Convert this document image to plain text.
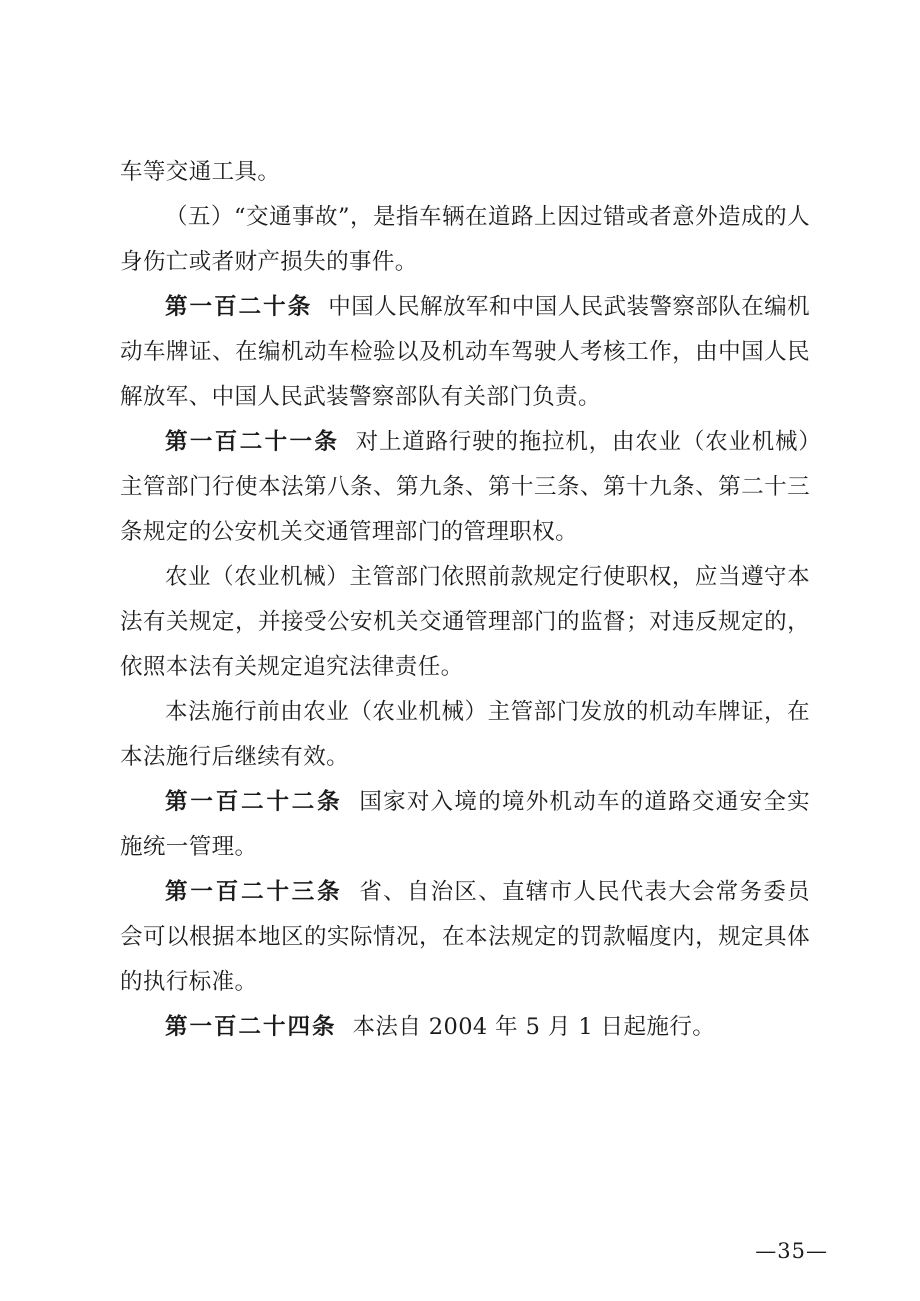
车等交通工具。

（五）“交通事故”，是指车辆在道路上因过错或者意外造成的人身伤亡或者财产损失的事件。

第一百二十条 中国人民解放军和中国人民武装警察部队在编机动车牌证、在编机动车检验以及机动车驾驶人考核工作，由中国人民解放军、中国人民武装警察部队有关部门负责。

第一百二十一条 对上道路行驶的拖拉机，由农业（农业机械）主管部门行使本法第八条、第九条、第十三条、第十九条、第二十三条规定的公安机关交通管理部门的管理职权。

农业（农业机械）主管部门依照前款规定行使职权，应当遵守本法有关规定，并接受公安机关交通管理部门的监督；对违反规定的，依照本法有关规定追究法律责任。

本法施行前由农业（农业机械）主管部门发放的机动车牌证，在本法施行后继续有效。

第一百二十二条 国家对入境的境外机动车的道路交通安全实施统一管理。

第一百二十三条 省、自治区、直辖市人民代表大会常务委员会可以根据本地区的实际情况，在本法规定的罚款幅度内，规定具体的执行标准。

第一百二十四条 本法自 2004 年 5 月 1 日起施行。

—35—
